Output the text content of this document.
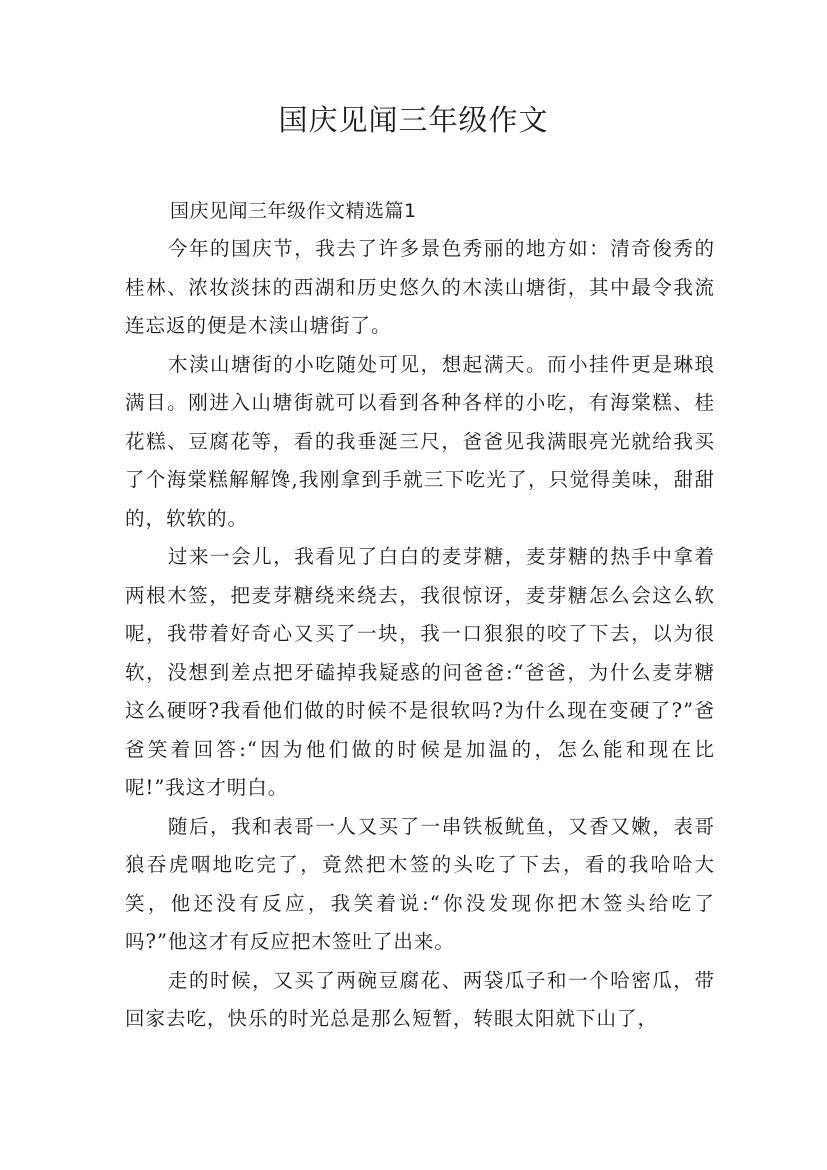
国庆见闻三年级作文

国庆见闻三年级作文精选篇1

今年的国庆节，我去了许多景色秀丽的地方如：清奇俊秀的桂林、浓妆淡抹的西湖和历史悠久的木渎山塘街，其中最令我流连忘返的便是木渎山塘街了。

木渎山塘街的小吃随处可见，想起满天。而小挂件更是琳琅满目。刚进入山塘街就可以看到各种各样的小吃，有海棠糕、桂花糕、豆腐花等，看的我垂涎三尺，爸爸见我满眼亮光就给我买了个海棠糕解解馋,我刚拿到手就三下吃光了，只觉得美味，甜甜的，软软的。

过来一会儿，我看见了白白的麦芽糖，麦芽糖的热手中拿着两根木签，把麦芽糖绕来绕去，我很惊讶，麦芽糖怎么会这么软呢，我带着好奇心又买了一块，我一口狠狠的咬了下去，以为很软，没想到差点把牙磕掉我疑惑的问爸爸:“爸爸，为什么麦芽糖这么硬呀?我看他们做的时候不是很软吗?为什么现在变硬了?”爸爸笑着回答:“因为他们做的时候是加温的，怎么能和现在比呢!”我这才明白。

随后，我和表哥一人又买了一串铁板鱿鱼，又香又嫩，表哥狼吞虎咽地吃完了，竟然把木签的头吃了下去，看的我哈哈大笑，他还没有反应，我笑着说:“你没发现你把木签头给吃了吗?”他这才有反应把木签吐了出来。

走的时候，又买了两碗豆腐花、两袋瓜子和一个哈密瓜，带回家去吃，快乐的时光总是那么短暂，转眼太阳就下山了，
